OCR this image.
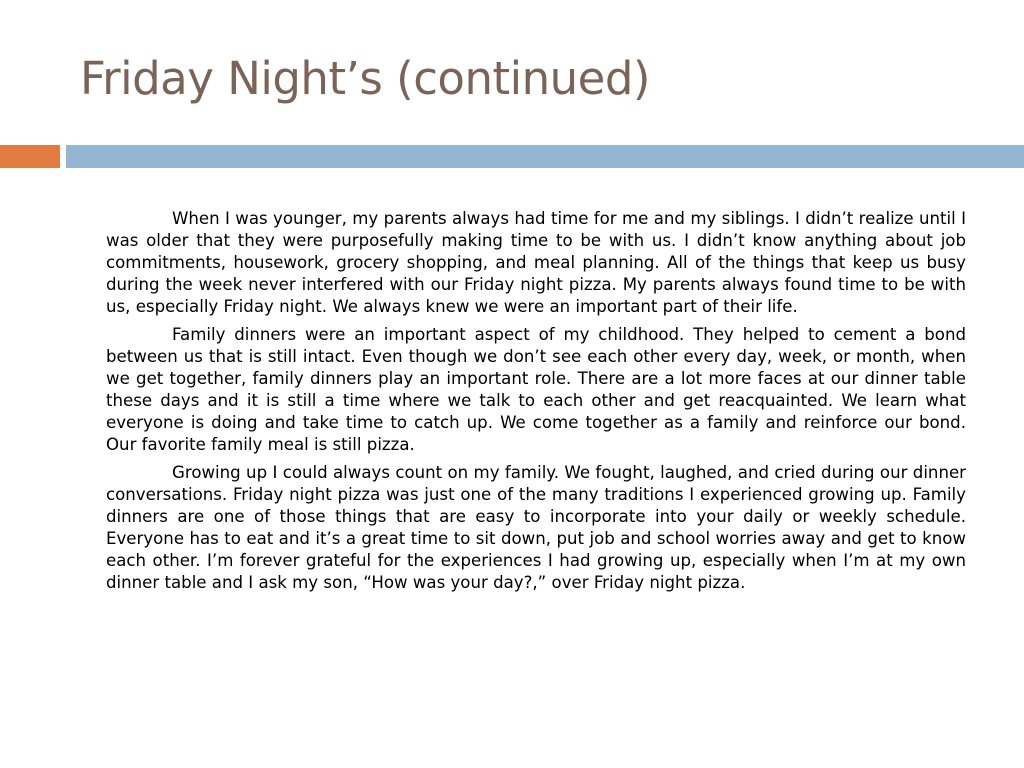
Friday Night’s (continued)

When I was younger, my parents always had time for me and my siblings. I didn’t realize until I was older that they were purposefully making time to be with us. I didn’t know anything about job commitments, housework, grocery shopping, and meal planning. All of the things that keep us busy during the week never interfered with our Friday night pizza. My parents always found time to be with us, especially Friday night. We always knew we were an important part of their life.

Family dinners were an important aspect of my childhood. They helped to cement a bond between us that is still intact. Even though we don’t see each other every day, week, or month, when we get together, family dinners play an important role. There are a lot more faces at our dinner table these days and it is still a time where we talk to each other and get reacquainted. We learn what everyone is doing and take time to catch up. We come together as a family and reinforce our bond. Our favorite family meal is still pizza.

Growing up I could always count on my family. We fought, laughed, and cried during our dinner conversations. Friday night pizza was just one of the many traditions I experienced growing up. Family dinners are one of those things that are easy to incorporate into your daily or weekly schedule. Everyone has to eat and it’s a great time to sit down, put job and school worries away and get to know each other. I’m forever grateful for the experiences I had growing up, especially when I’m at my own dinner table and I ask my son, “How was your day?,” over Friday night pizza.
